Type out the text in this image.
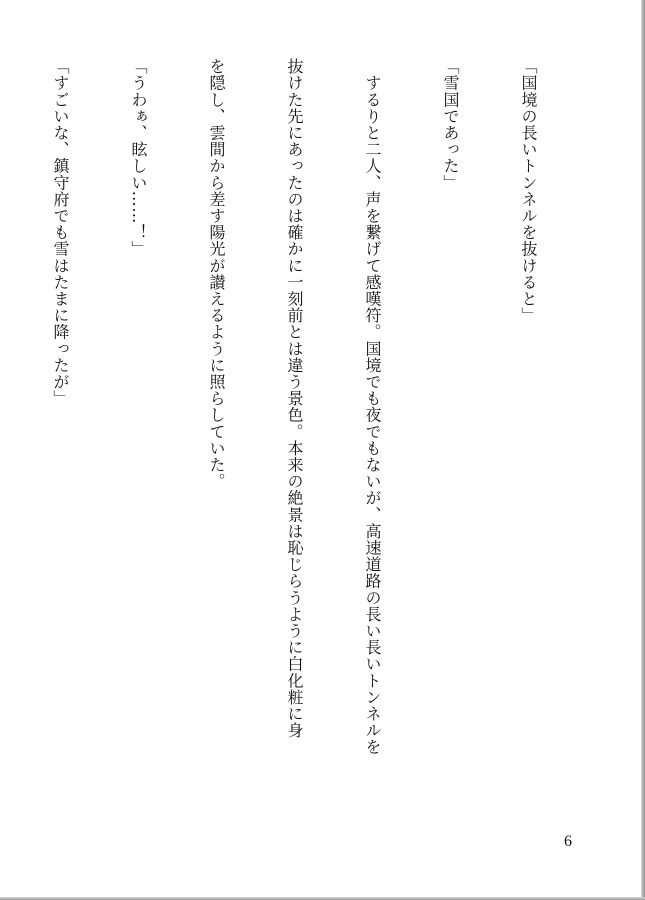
「国境の長いトンネルを抜けると」

「雪国であった」

　するりと二人、声を繋げて感嘆符。国境でも夜でもないが、高速道路の長い長いトンネルを

抜けた先にあったのは確かに一刻前とは違う景色。本来の絶景は恥じらうように白化粧に身

を隠し、雲間から差す陽光が讃えるように照らしていた。

「うわぁ、眩しい……！」

「すごいな、鎮守府でも雪はたまに降ったが」

6
